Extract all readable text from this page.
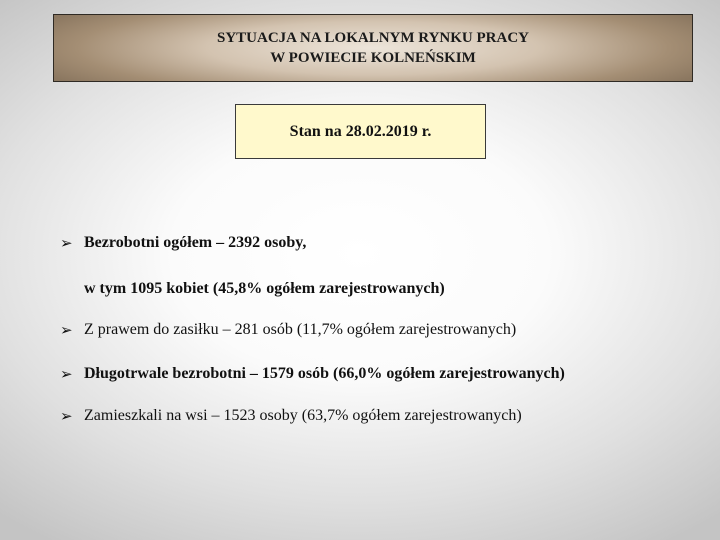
SYTUACJA NA LOKALNYM RYNKU PRACY
W POWIECIE KOLNEŃSKIM
Stan na 28.02.2019 r.
➢ Bezrobotni ogółem – 2392 osoby,
w tym 1095 kobiet (45,8% ogółem zarejestrowanych)
➢ Z prawem do zasiłku – 281 osób (11,7% ogółem zarejestrowanych)
➢ Długotrwale bezrobotni – 1579 osób (66,0% ogółem zarejestrowanych)
➢ Zamieszkali na wsi – 1523 osoby (63,7% ogółem zarejestrowanych)
